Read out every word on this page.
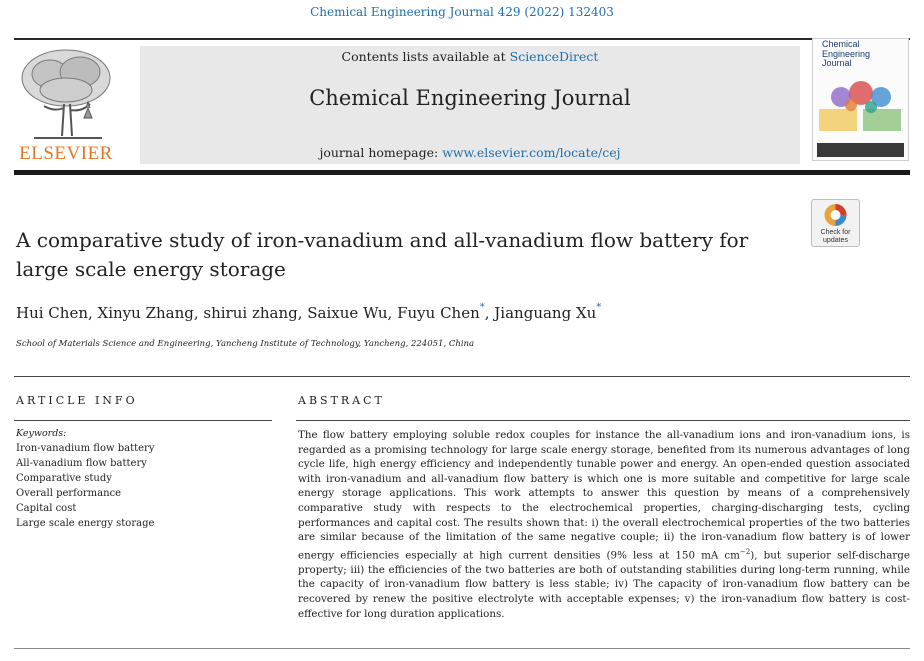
Chemical Engineering Journal 429 (2022) 132403
ELSEVIER
Contents lists available at ScienceDirect
Chemical Engineering Journal
journal homepage: www.elsevier.com/locate/cej
Chemical Engineering Journal
Check for updates
A comparative study of iron-vanadium and all-vanadium flow battery for large scale energy storage
Hui Chen, Xinyu Zhang, shirui zhang, Saixue Wu, Fuyu Chen*, Jianguang Xu*
School of Materials Science and Engineering, Yancheng Institute of Technology, Yancheng, 224051, China
ARTICLE INFO
Keywords:
Iron-vanadium flow battery
All-vanadium flow battery
Comparative study
Overall performance
Capital cost
Large scale energy storage
ABSTRACT

The flow battery employing soluble redox couples for instance the all-vanadium ions and iron-vanadium ions, is regarded as a promising technology for large scale energy storage, benefited from its numerous advantages of long cycle life, high energy efficiency and independently tunable power and energy. An open-ended question associated with iron-vanadium and all-vanadium flow battery is which one is more suitable and competitive for large scale energy storage applications. This work attempts to answer this question by means of a comprehensively comparative study with respects to the electrochemical properties, charging-discharging tests, cycling performances and capital cost. The results shown that: i) the overall electrochemical properties of the two batteries are similar because of the limitation of the same negative couple; ii) the iron-vanadium flow battery is of lower energy efficiencies especially at high current densities (9% less at 150 mA $cm^{-2}$), but superior self-discharge property; iii) the efficiencies of the two batteries are both of outstanding stabilities during long-term running, while the capacity of iron-vanadium flow battery is less stable; iv) The capacity of iron-vanadium flow battery can be recovered by renew the positive electrolyte with acceptable expenses; v) the iron-vanadium flow battery is cost-effective for long duration applications.
